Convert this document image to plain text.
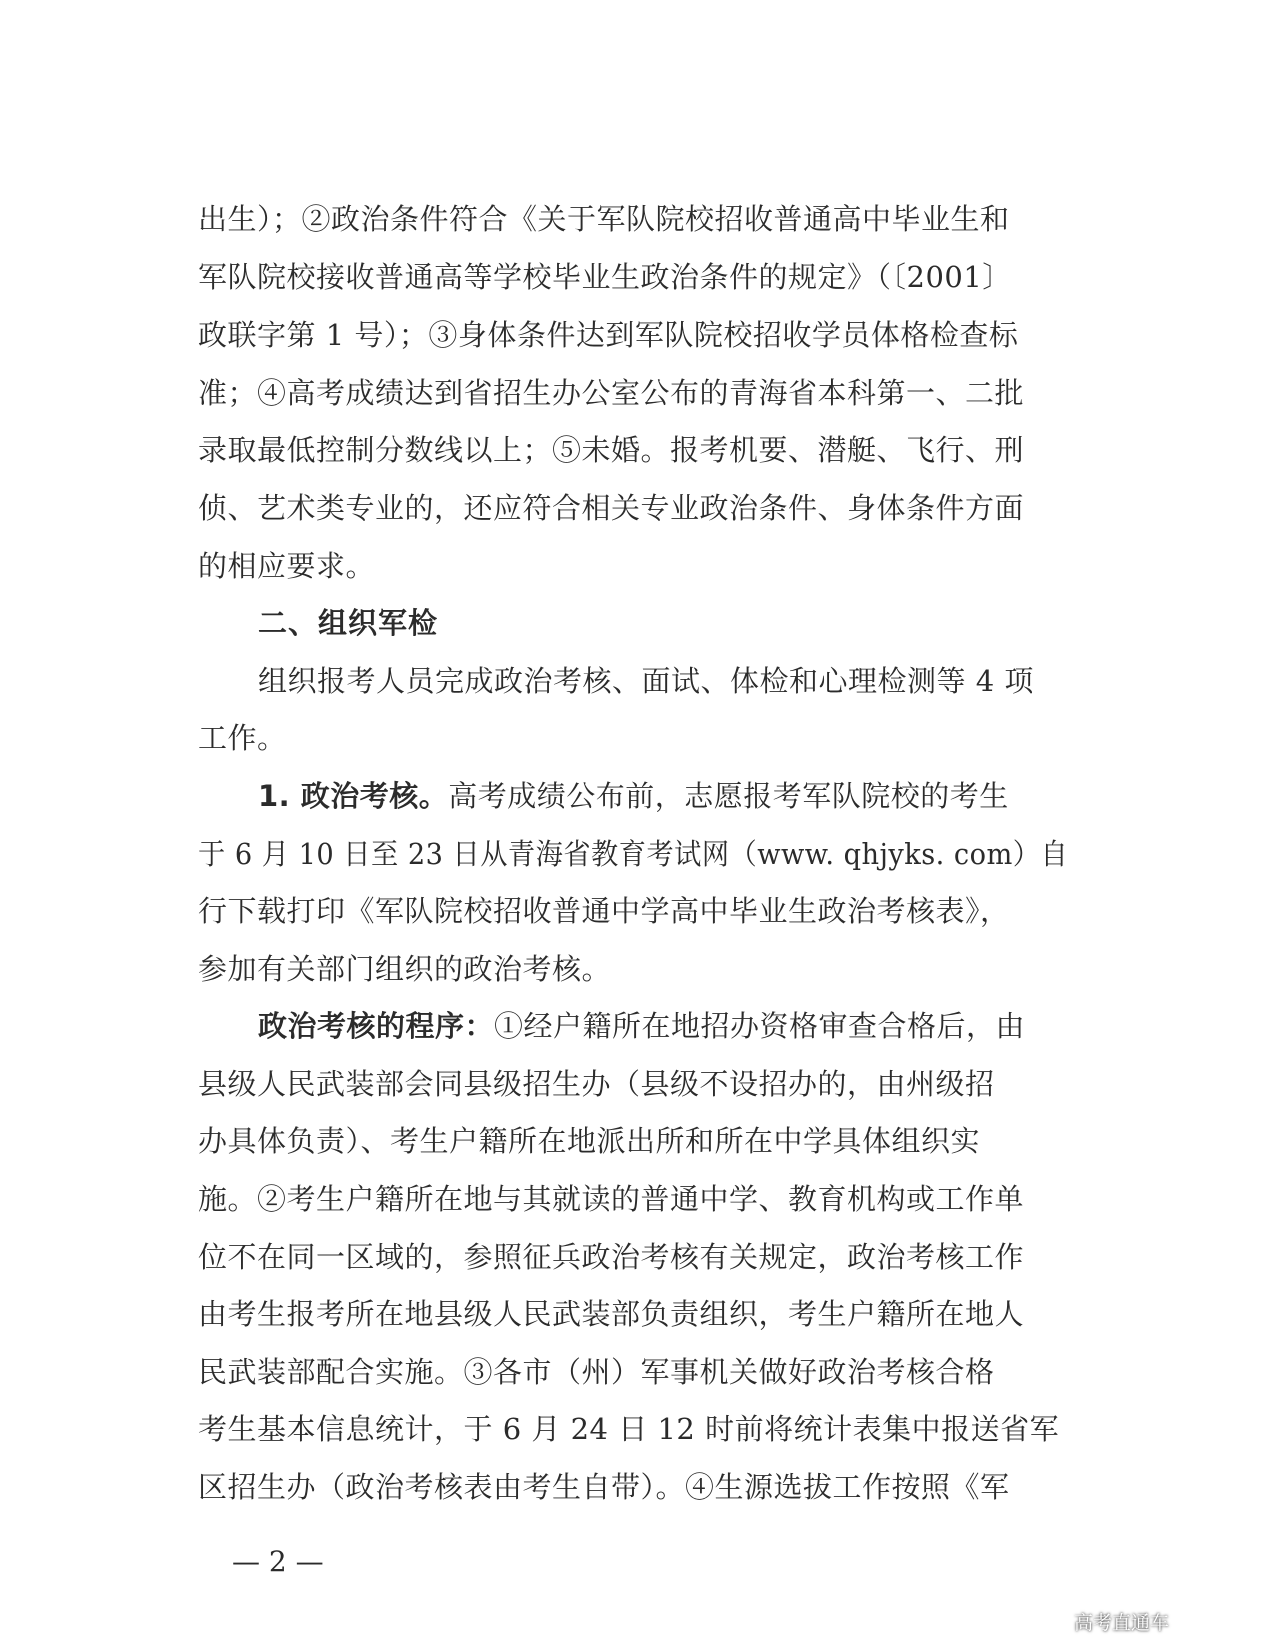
出生）；②政治条件符合《关于军队院校招收普通高中毕业生和
军队院校接收普通高等学校毕业生政治条件的规定》（〔2001〕
政联字第 1 号）；③身体条件达到军队院校招收学员体格检查标
准；④高考成绩达到省招生办公室公布的青海省本科第一、二批
录取最低控制分数线以上；⑤未婚。报考机要、潜艇、飞行、刑
侦、艺术类专业的，还应符合相关专业政治条件、身体条件方面
的相应要求。
二、组织军检
组织报考人员完成政治考核、面试、体检和心理检测等 4 项
工作。
1. 政治考核。高考成绩公布前，志愿报考军队院校的考生
于 6 月 10 日至 23 日从青海省教育考试网（www. qhjyks. com）自
行下载打印《军队院校招收普通中学高中毕业生政治考核表》，
参加有关部门组织的政治考核。
政治考核的程序：①经户籍所在地招办资格审查合格后，由
县级人民武装部会同县级招生办（县级不设招办的，由州级招
办具体负责）、考生户籍所在地派出所和所在中学具体组织实
施。②考生户籍所在地与其就读的普通中学、教育机构或工作单
位不在同一区域的，参照征兵政治考核有关规定，政治考核工作
由考生报考所在地县级人民武装部负责组织，考生户籍所在地人
民武装部配合实施。③各市（州）军事机关做好政治考核合格
考生基本信息统计，于 6 月 24 日 12 时前将统计表集中报送省军
区招生办（政治考核表由考生自带）。④生源选拔工作按照《军
— 2 —
高考直通车
